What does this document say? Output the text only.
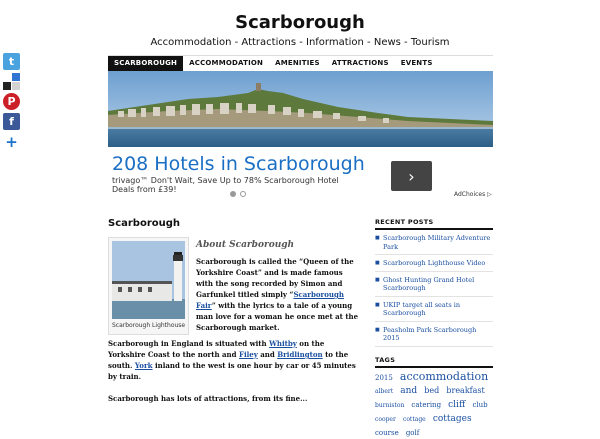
t
P
f
+
Scarborough
Accommodation - Attractions - Information - News - Tourism
SCARBOROUGH	ACCOMMODATION	AMENITIES	ATTRACTIONS	EVENTS
208 Hotels in Scarborough
trivago™ Don't Wait, Save Up to 78% Scarborough Hotel Deals from £39!
›
AdChoices ▷
Scarborough
Scarborough Lighthouse
About Scarborough

Scarborough is called the “Queen of the Yorkshire Coast” and is made famous with the song recorded by Simon and Garfunkel titled simply “Scarborough Fair” with the lyrics to a tale of a young man love for a woman he once met at the Scarborough market.

Scarborough in England is situated with Whitby on the Yorkshire Coast to the north and Filey and Bridlington to the south. York inland to the west is one hour by car or 45 minutes by train.
Scarborough has lots of attractions, from its fine...
RECENT POSTS
■ Scarborough Military Adventure Park
■ Scarborough Lighthouse Video
■ Ghost Hunting Grand Hotel Scarborough
■ UKIP target all seats in Scarborough
■ Peasholm Park Scarborough 2015
TAGS
2015 accommodation albert and bed breakfast burniston catering cliff club cooper cottage cottages course golf
